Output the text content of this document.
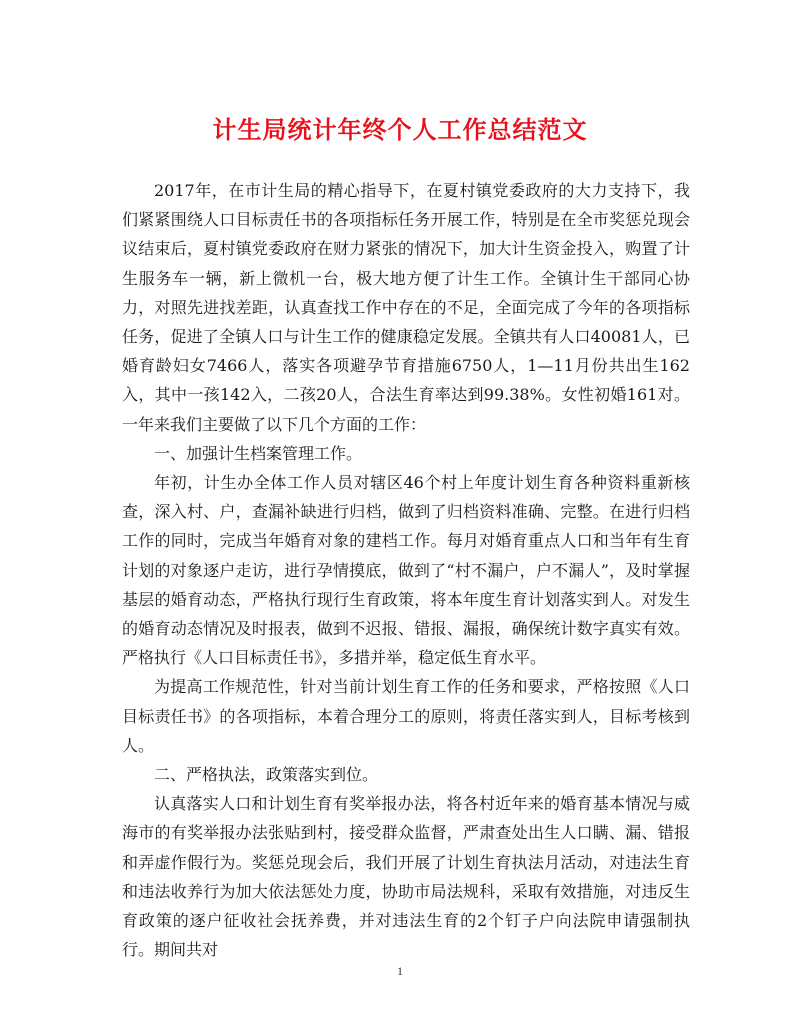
计生局统计年终个人工作总结范文

2017年，在市计生局的精心指导下，在夏村镇党委政府的大力支持下，我们紧紧围绕人口目标责任书的各项指标任务开展工作，特别是在全市奖惩兑现会议结束后，夏村镇党委政府在财力紧张的情况下，加大计生资金投入，购置了计生服务车一辆，新上微机一台，极大地方便了计生工作。全镇计生干部同心协力，对照先进找差距，认真查找工作中存在的不足，全面完成了今年的各项指标任务，促进了全镇人口与计生工作的健康稳定发展。全镇共有人口40081人，已婚育龄妇女7466人，落实各项避孕节育措施6750人，1—11月份共出生162入，其中一孩142入，二孩20人，合法生育率达到99.38%。女性初婚161对。一年来我们主要做了以下几个方面的工作：

一、加强计生档案管理工作。

年初，计生办全体工作人员对辖区46个村上年度计划生育各种资料重新核查，深入村、户，查漏补缺进行归档，做到了归档资料准确、完整。在进行归档工作的同时，完成当年婚育对象的建档工作。每月对婚育重点人口和当年有生育计划的对象逐户走访，进行孕情摸底，做到了“村不漏户，户不漏人”，及时掌握基层的婚育动态，严格执行现行生育政策，将本年度生育计划落实到人。对发生的婚育动态情况及时报表，做到不迟报、错报、漏报，确保统计数字真实有效。严格执行《人口目标责任书》，多措并举，稳定低生育水平。

为提高工作规范性，针对当前计划生育工作的任务和要求，严格按照《人口目标责任书》的各项指标，本着合理分工的原则，将责任落实到人，目标考核到人。

二、严格执法，政策落实到位。

认真落实人口和计划生育有奖举报办法，将各村近年来的婚育基本情况与威海市的有奖举报办法张贴到村，接受群众监督，严肃查处出生人口瞒、漏、错报和弄虚作假行为。奖惩兑现会后，我们开展了计划生育执法月活动，对违法生育和违法收养行为加大依法惩处力度，协助市局法规科，采取有效措施，对违反生育政策的逐户征收社会抚养费，并对违法生育的2个钉子户向法院申请强制执行。期间共对

1
